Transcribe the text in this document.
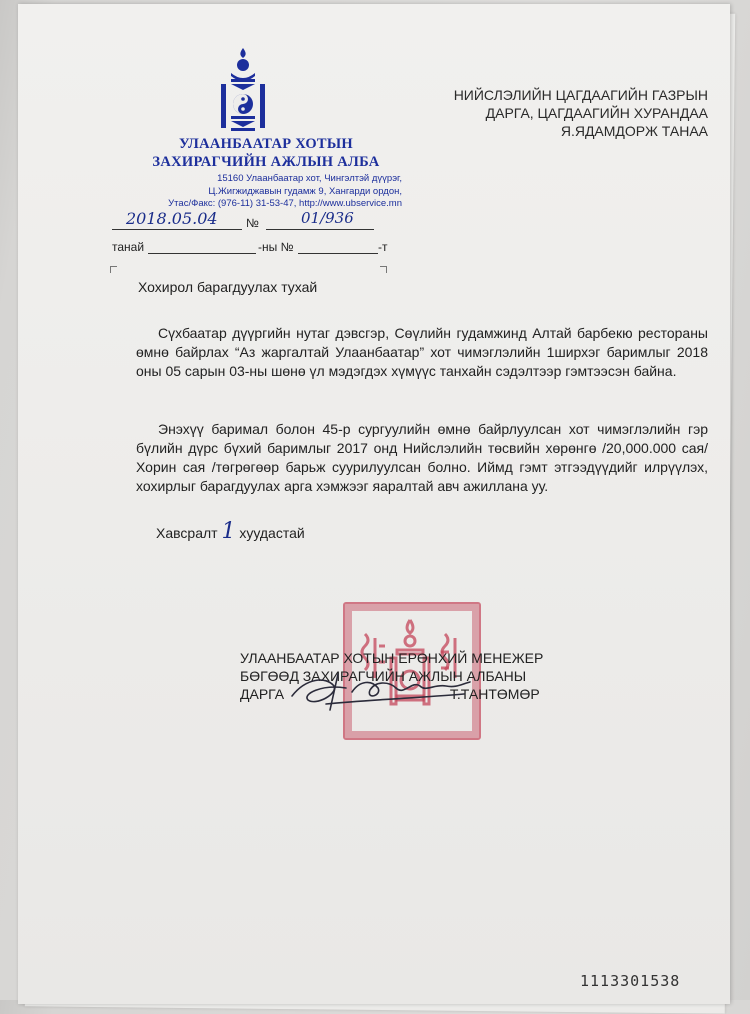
УЛААНБААТАР ХОТЫН
ЗАХИРАГЧИЙН АЖЛЫН АЛБА
15160 Улаанбаатар хот, Чингэлтэй дүүрэг,
Ц.Жигжиджавын гудамж 9, Хангарди ордон,
Утас/Факс: (976-11) 31-53-47, http://www.ubservice.mn
2018.05.04 №	01/936
танай	-ны №	-т
НИЙСЛЭЛИЙН ЦАГДААГИЙН ГАЗРЫН
ДАРГА, ЦАГДААГИЙН ХУРАНДАА
Я.ЯДАМДОРЖ ТАНАА
Хохирол барагдуулах тухай
Сүхбаатар дүүргийн нутаг дэвсгэр, Сөүлийн гудамжинд Алтай барбекю рестораны өмнө байрлах “Аз жаргалтай Улаанбаатар” хот чимэглэлийн 1ширхэг баримлыг 2018 оны 05 сарын 03-ны шөнө үл мэдэгдэх хүмүүс танхайн сэдэлтээр гэмтээсэн байна.
Энэхүү баримал болон 45-р сургуулийн өмнө байрлуулсан хот чимэглэлийн гэр бүлийн дүрс бүхий баримлыг 2017 онд Нийслэлийн төсвийн хөрөнгө /20,000.000 сая/ Хорин сая /төгрөгөөр барьж суурилуулсан болно. Иймд гэмт этгээдүүдийг илрүүлэх, хохирлыг барагдуулах арга хэмжээг яаралтай авч ажиллана уу.
Хавсралт 1 хуудастай
УЛААНБААТАР ХОТЫН ЕРӨНХИЙ МЕНЕЖЕР
БӨГӨӨД ЗАХИРАГЧИЙН АЖЛЫН АЛБАНЫ
ДАРГА	Т.ТАНТӨМӨР
1113301538
